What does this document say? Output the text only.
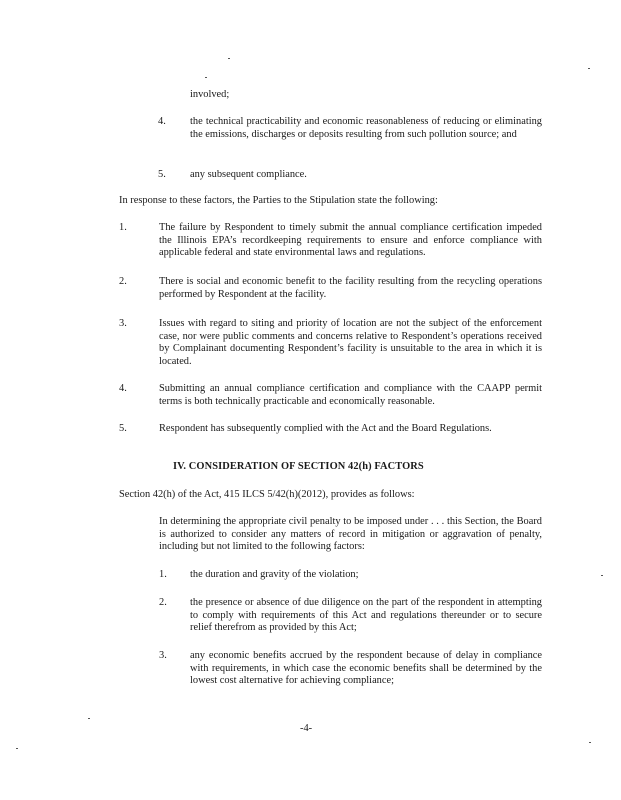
involved;
4. the technical practicability and economic reasonableness of reducing or eliminating the emissions, discharges or deposits resulting from such pollution source; and
5. any subsequent compliance.
In response to these factors, the Parties to the Stipulation state the following:
1.	The failure by Respondent to timely submit the annual compliance certification impeded the Illinois EPA’s recordkeeping requirements to ensure and enforce compliance with applicable federal and state environmental laws and regulations.
2.	There is social and economic benefit to the facility resulting from the recycling operations performed by Respondent at the facility.
3.	Issues with regard to siting and priority of location are not the subject of the enforcement case, nor were public comments and concerns relative to Respondent’s operations received by Complainant documenting Respondent’s facility is unsuitable to the area in which it is located.
4.	Submitting an annual compliance certification and compliance with the CAAPP permit terms is both technically practicable and economically reasonable.
5.	Respondent has subsequently complied with the Act and the Board Regulations.
IV. CONSIDERATION OF SECTION 42(h) FACTORS
Section 42(h) of the Act, 415 ILCS 5/42(h)(2012), provides as follows:
In determining the appropriate civil penalty to be imposed under . . . this Section, the Board is authorized to consider any matters of record in mitigation or aggravation of penalty, including but not limited to the following factors:
1. the duration and gravity of the violation;
2. the presence or absence of due diligence on the part of the respondent in attempting to comply with requirements of this Act and regulations thereunder or to secure relief therefrom as provided by this Act;
3. any economic benefits accrued by the respondent because of delay in compliance with requirements, in which case the economic benefits shall be determined by the lowest cost alternative for achieving compliance;
-4-
